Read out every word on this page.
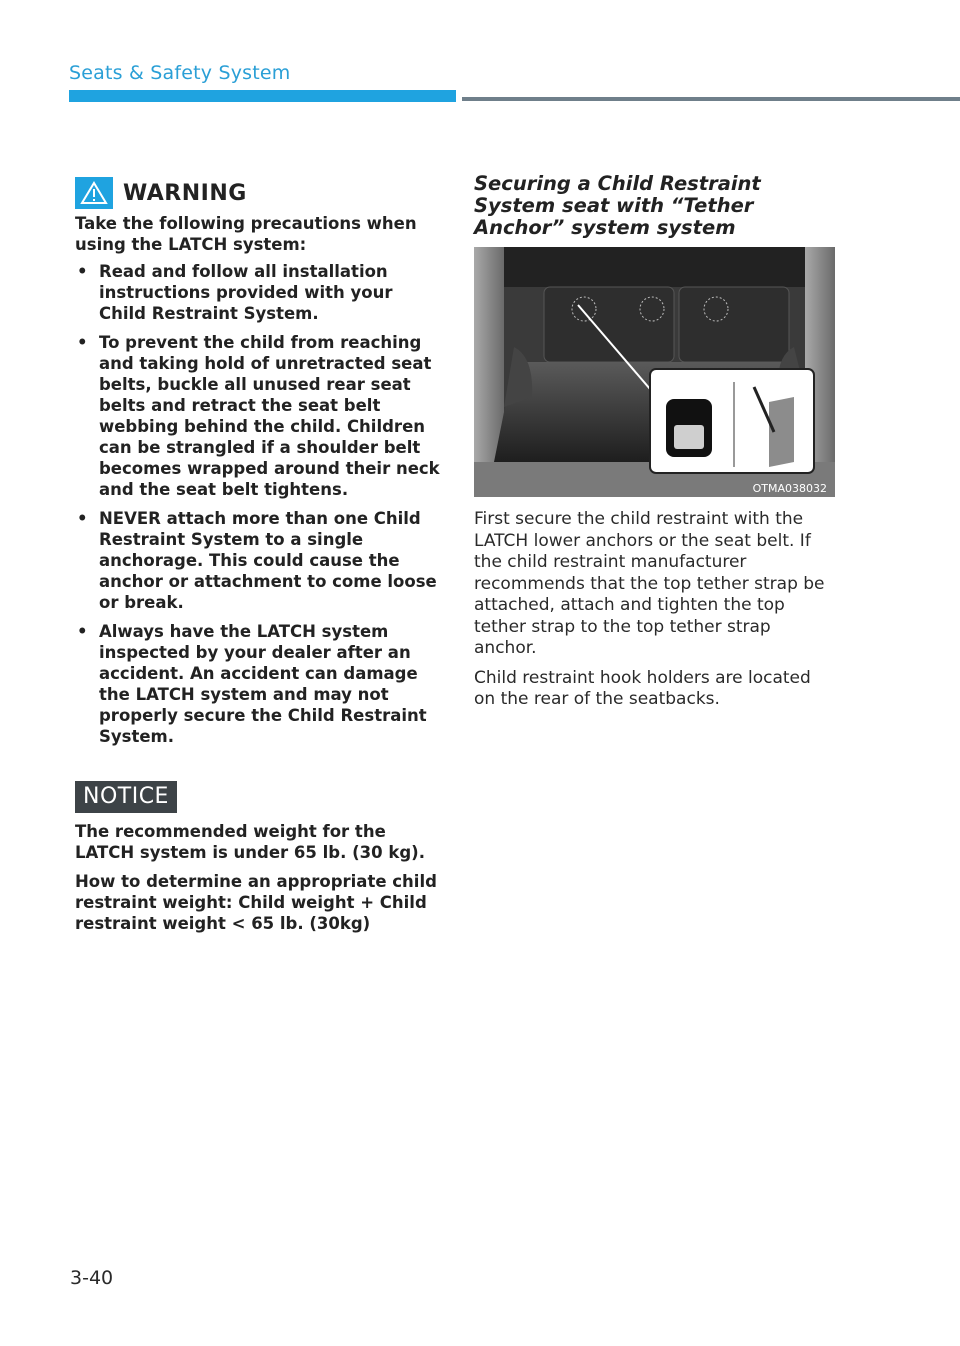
Seats & Safety System
WARNING
Take the following precautions when using the LATCH system:
• Read and follow all installation instructions provided with your Child Restraint System.
• To prevent the child from reaching and taking hold of unretracted seat belts, buckle all unused rear seat belts and retract the seat belt webbing behind the child. Children can be strangled if a shoulder belt becomes wrapped around their neck and the seat belt tightens.
• NEVER attach more than one Child Restraint System to a single anchorage. This could cause the anchor or attachment to come loose or break.
• Always have the LATCH system inspected by your dealer after an accident. An accident can damage the LATCH system and may not properly secure the Child Restraint System.
NOTICE
The recommended weight for the LATCH system is under 65 lb. (30 kg).
How to determine an appropriate child restraint weight: Child weight + Child restraint weight < 65 lb. (30kg)
Securing a Child Restraint System seat with “Tether Anchor” system system
OTMA038032
First secure the child restraint with the LATCH lower anchors or the seat belt. If the child restraint manufacturer recommends that the top tether strap be attached, attach and tighten the top tether strap to the top tether strap anchor.
Child restraint hook holders are located on the rear of the seatbacks.
3-40
